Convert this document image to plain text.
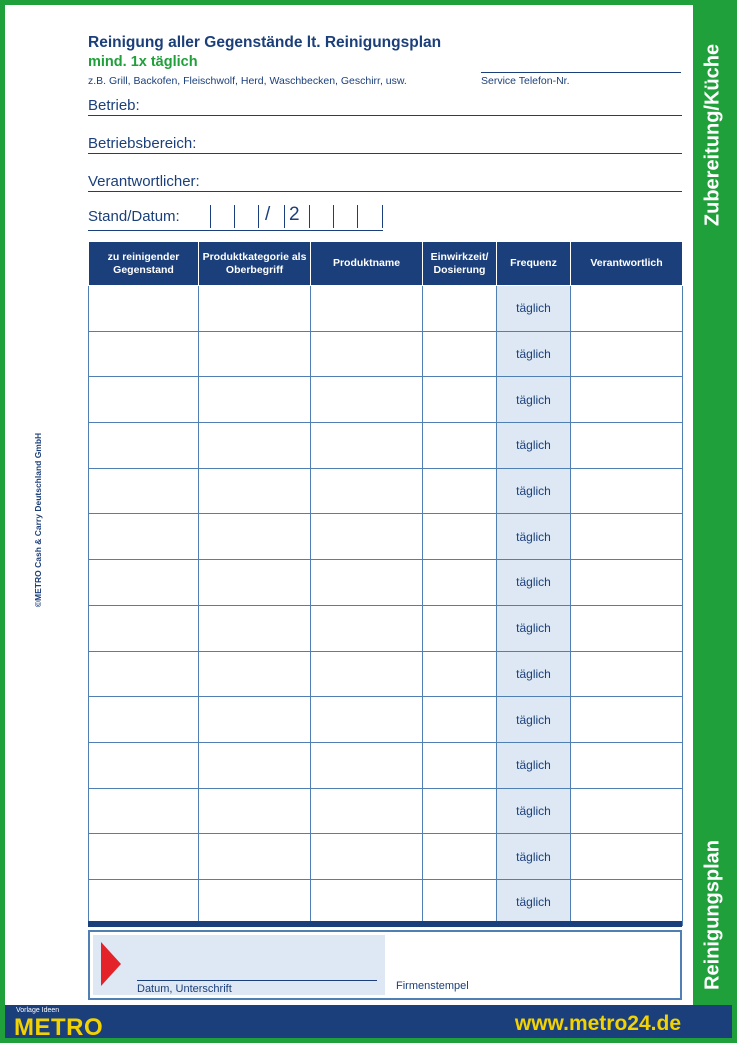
Zubereitung/Küche
Reinigungsplan
©METRO Cash & Carry Deutschland GmbH
Reinigung aller Gegenstände lt. Reinigungsplan
mind. 1x täglich
z.B. Grill, Backofen, Fleischwolf, Herd, Waschbecken, Geschirr, usw.	Service Telefon-Nr.
Betrieb:
Betriebsbereich:
Verantwortlicher:
Stand/Datum:	/ 2
zu reinigender Gegenstand	Produktkategorie als Oberbegriff	Produktname	Einwirkzeit/ Dosierung	Frequenz	Verantwortlich
				täglich	
				täglich	
				täglich	
				täglich	
				täglich	
				täglich	
				täglich	
				täglich	
				täglich	
				täglich	
				täglich	
				täglich	
				täglich	
				täglich	
Datum, Unterschrift	Firmenstempel
Vorlage Ideen
METRO	www.metro24.de
